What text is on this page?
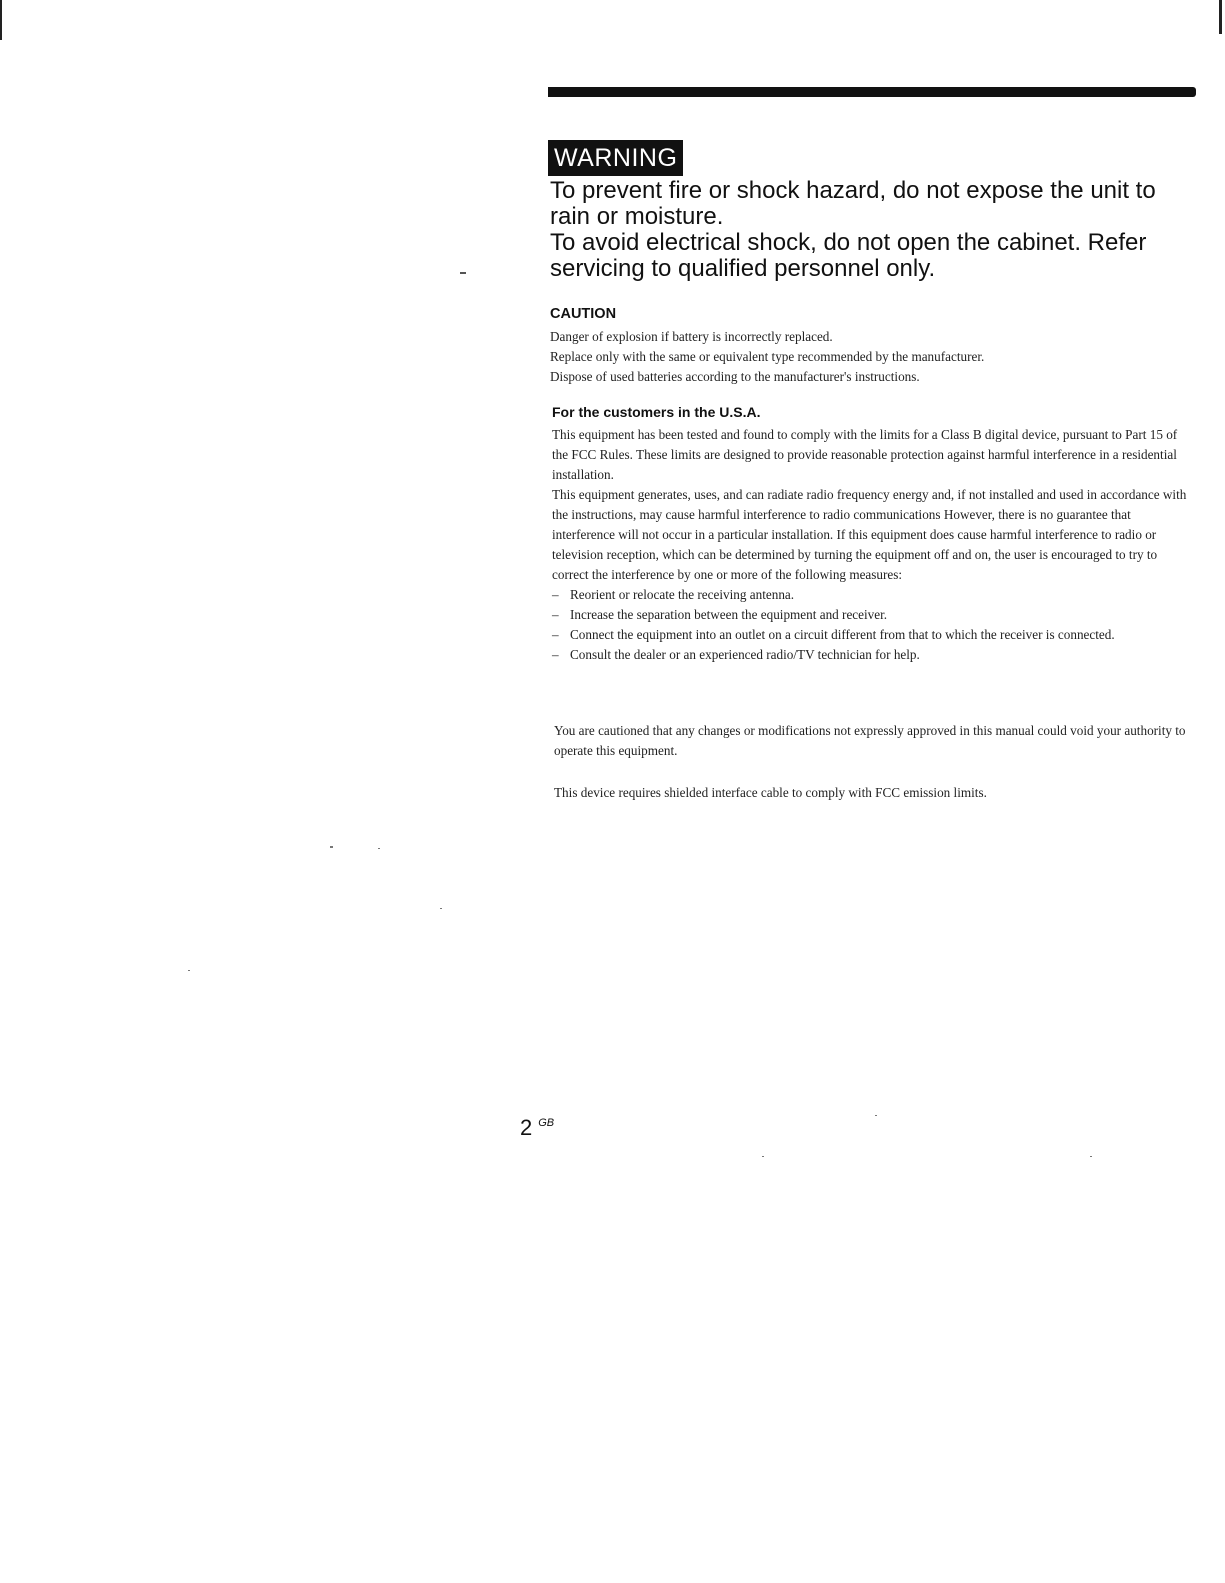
WARNING

To prevent fire or shock hazard, do not expose the unit to rain or moisture.

To avoid electrical shock, do not open the cabinet. Refer servicing to qualified personnel only.

CAUTION

Danger of explosion if battery is incorrectly replaced.

Replace only with the same or equivalent type recommended by the manufacturer.

Dispose of used batteries according to the manufacturer's instructions.

For the customers in the U.S.A.

This equipment has been tested and found to comply with the limits for a Class B digital device, pursuant to Part 15 of the FCC Rules. These limits are designed to provide reasonable protection against harmful interference in a residential installation.

This equipment generates, uses, and can radiate radio frequency energy and, if not installed and used in accordance with the instructions, may cause harmful interference to radio communications However, there is no guarantee that interference will not occur in a particular installation. If this equipment does cause harmful interference to radio or television reception, which can be determined by turning the equipment off and on, the user is encouraged to try to correct the interference by one or more of the following measures:

– Reorient or relocate the receiving antenna.
– Increase the separation between the equipment and receiver.
– Connect the equipment into an outlet on a circuit different from that to which the receiver is connected.
– Consult the dealer or an experienced radio/TV technician for help.

You are cautioned that any changes or modifications not expressly approved in this manual could void your authority to operate this equipment.

This device requires shielded interface cable to comply with FCC emission limits.

2 $^{GB}$
